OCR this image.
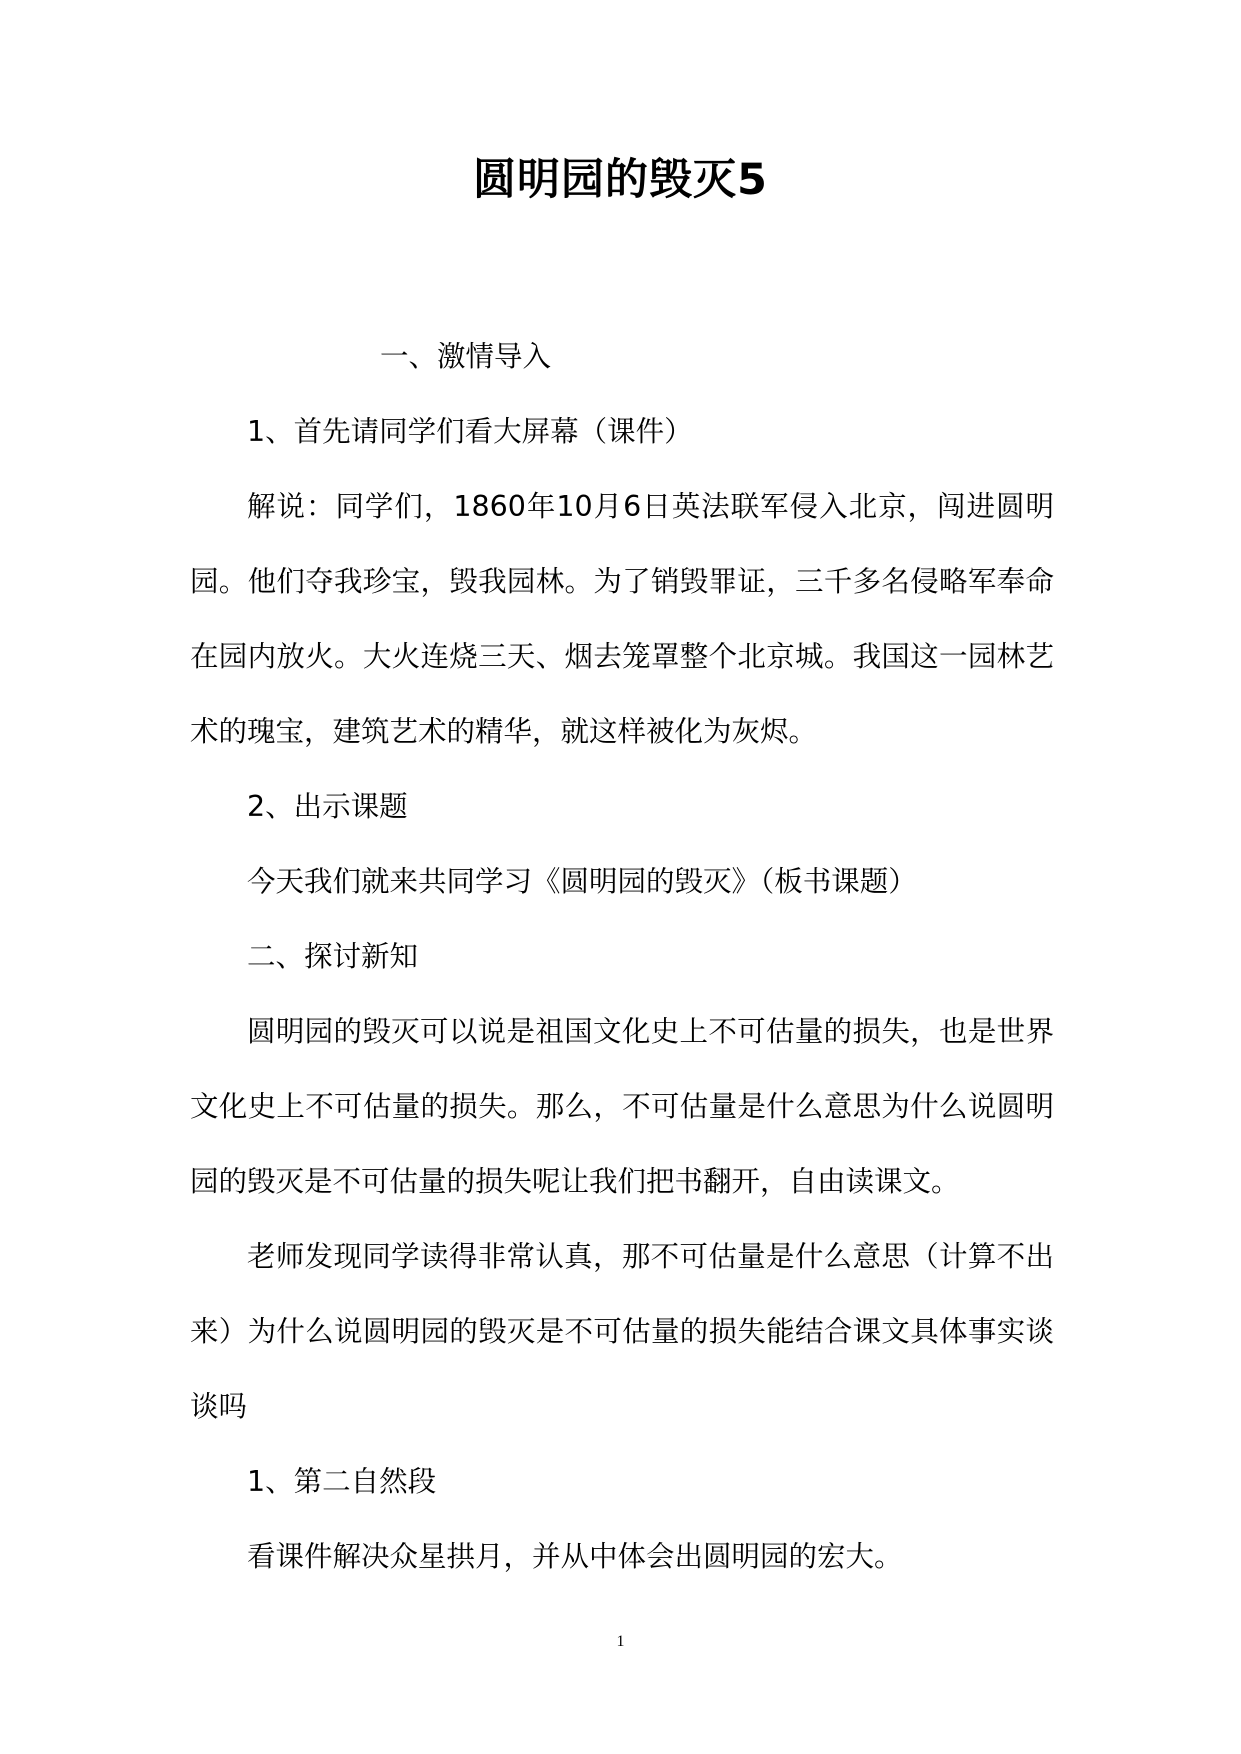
圆明园的毁灭5
一、激情导入
1、首先请同学们看大屏幕（课件）
解说：同学们，1860年10月6日英法联军侵入北京，闯进圆明
园。他们夺我珍宝，毁我园林。为了销毁罪证，三千多名侵略军奉命
在园内放火。大火连烧三天、烟去笼罩整个北京城。我国这一园林艺
术的瑰宝，建筑艺术的精华，就这样被化为灰烬。
2、出示课题
今天我们就来共同学习《圆明园的毁灭》（板书课题）
二、探讨新知
圆明园的毁灭可以说是祖国文化史上不可估量的损失，也是世界
文化史上不可估量的损失。那么，不可估量是什么意思为什么说圆明
园的毁灭是不可估量的损失呢让我们把书翻开，自由读课文。
老师发现同学读得非常认真，那不可估量是什么意思（计算不出
来）为什么说圆明园的毁灭是不可估量的损失能结合课文具体事实谈
谈吗
1、第二自然段
看课件解决众星拱月，并从中体会出圆明园的宏大。
1
